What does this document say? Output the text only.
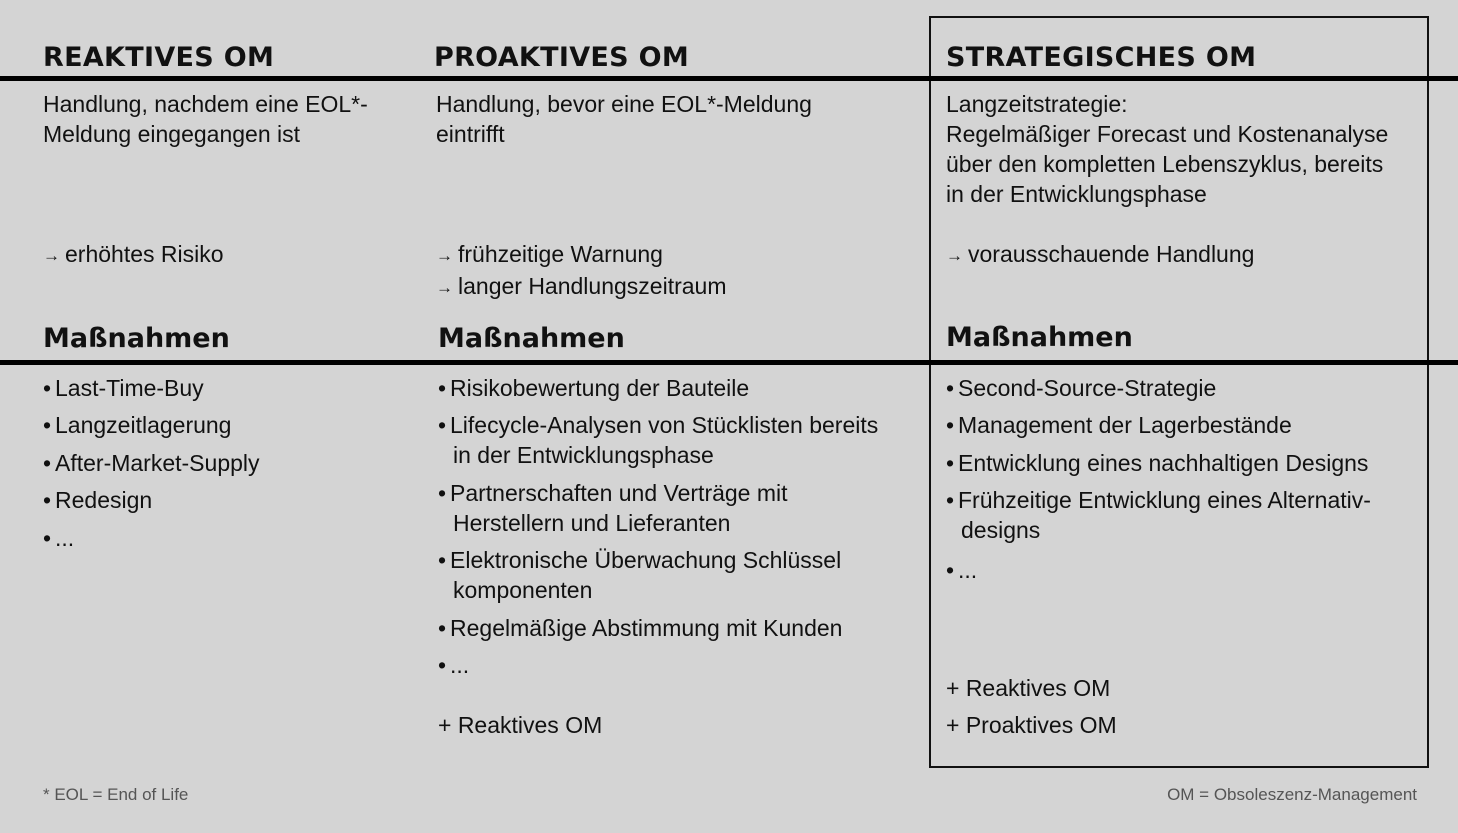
REAKTIVES OM
Handlung, nachdem eine EOL*-
Meldung eingegangen ist
→ erhöhtes Risiko
Maßnahmen
• Last-Time-Buy
• Langzeitlagerung
• After-Market-Supply
• Redesign
• ...
PROAKTIVES OM
Handlung, bevor eine EOL*-Meldung
eintrifft
→ frühzeitige Warnung
→ langer Handlungszeitraum
Maßnahmen
• Risikobewertung der Bauteile
• Lifecycle-Analysen von Stücklisten bereits
in der Entwicklungsphase
• Partnerschaften und Verträge mit
Herstellern und Lieferanten
• Elektronische Überwachung Schlüssel
komponenten
• Regelmäßige Abstimmung mit Kunden
• ...
+ Reaktives OM
STRATEGISCHES OM
Langzeitstrategie:
Regelmäßiger Forecast und Kostenanalyse
über den kompletten Lebenszyklus, bereits
in der Entwicklungsphase
→ vorausschauende Handlung
Maßnahmen
• Second-Source-Strategie
• Management der Lagerbestände
• Entwicklung eines nachhaltigen Designs
• Frühzeitige Entwicklung eines Alternativ-
designs
• ...
+ Reaktives OM
+ Proaktives OM
* EOL = End of Life	OM = Obsoleszenz-Management
